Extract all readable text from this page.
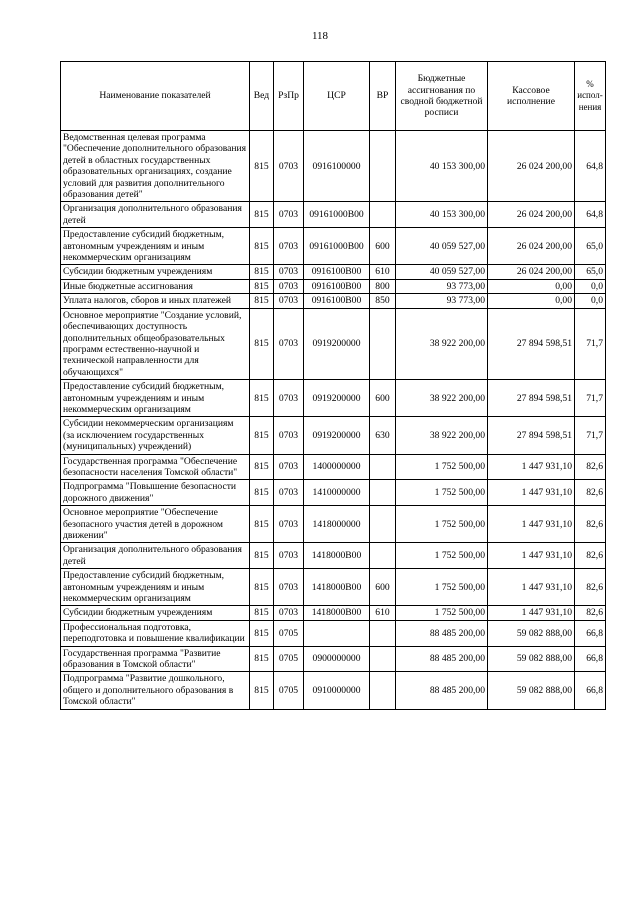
118
Наименование показателей	Вед	РзПр	ЦСР	ВР	Бюджетные ассигнования по сводной бюджетной росписи	Кассовое исполнение	% испол-нения
Ведомственная целевая программа "Обеспечение дополнительного образования детей в областных государственных образовательных организациях, создание условий для развития дополнительного образования детей"	815	0703	0916100000		40 153 300,00	26 024 200,00	64,8
Организация дополнительного образования детей	815	0703	09161000В00		40 153 300,00	26 024 200,00	64,8
Предоставление субсидий бюджетным, автономным учреждениям и иным некоммерческим организациям	815	0703	09161000В00	600	40 059 527,00	26 024 200,00	65,0
Субсидии бюджетным учреждениям	815	0703	0916100В00	610	40 059 527,00	26 024 200,00	65,0
Иные бюджетные ассигнования	815	0703	0916100В00	800	93 773,00	0,00	0,0
Уплата налогов, сборов и иных платежей	815	0703	0916100В00	850	93 773,00	0,00	0,0
Основное мероприятие "Создание условий, обеспечивающих доступность дополнительных общеобразовательных программ естественно-научной и технической направленности для обучающихся"	815	0703	0919200000		38 922 200,00	27 894 598,51	71,7
Предоставление субсидий бюджетным, автономным учреждениям и иным некоммерческим организациям	815	0703	0919200000	600	38 922 200,00	27 894 598,51	71,7
Субсидии некоммерческим организациям (за исключением государственных (муниципальных) учреждений)	815	0703	0919200000	630	38 922 200,00	27 894 598,51	71,7
Государственная программа "Обеспечение безопасности населения Томской области"	815	0703	1400000000		1 752 500,00	1 447 931,10	82,6
Подпрограмма "Повышение безопасности дорожного движения"	815	0703	1410000000		1 752 500,00	1 447 931,10	82,6
Основное мероприятие "Обеспечение безопасного участия детей в дорожном движении"	815	0703	1418000000		1 752 500,00	1 447 931,10	82,6
Организация дополнительного образования детей	815	0703	1418000В00		1 752 500,00	1 447 931,10	82,6
Предоставление субсидий бюджетным, автономным учреждениям и иным некоммерческим организациям	815	0703	1418000В00	600	1 752 500,00	1 447 931,10	82,6
Субсидии бюджетным учреждениям	815	0703	1418000В00	610	1 752 500,00	1 447 931,10	82,6
Профессиональная подготовка, переподготовка и повышение квалификации	815	0705			88 485 200,00	59 082 888,00	66,8
Государственная программа "Развитие образования в Томской области"	815	0705	0900000000		88 485 200,00	59 082 888,00	66,8
Подпрограмма "Развитие дошкольного, общего и дополнительного образования в Томской области"	815	0705	0910000000		88 485 200,00	59 082 888,00	66,8
